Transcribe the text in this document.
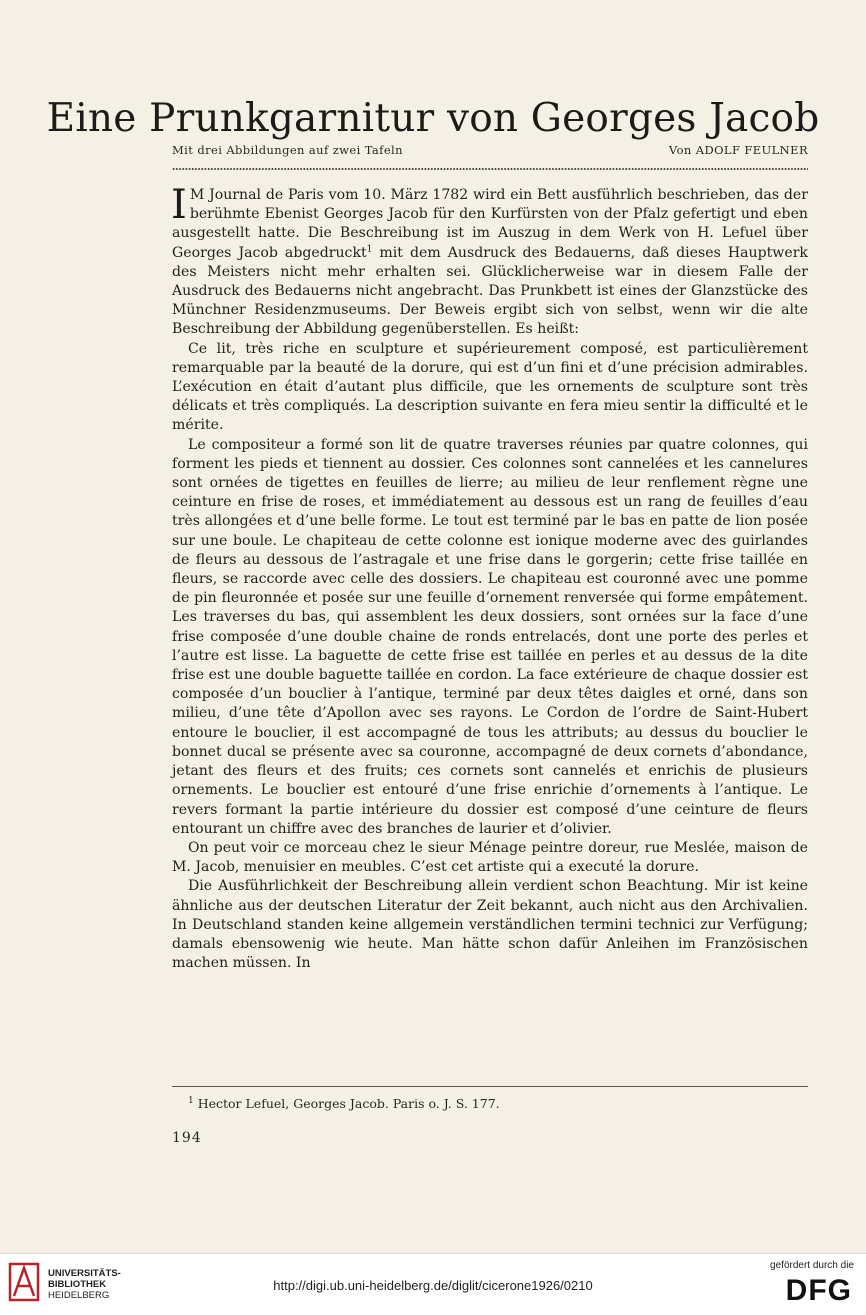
Eine Prunkgarnitur von Georges Jacob
Mit drei Abbildungen auf zwei Tafeln	Von ADOLF FEULNER

I M Journal de Paris vom 10. März 1782 wird ein Bett ausführlich beschrieben, das der berühmte Ebenist Georges Jacob für den Kurfürsten von der Pfalz gefertigt und eben ausgestellt hatte. Die Beschreibung ist im Auszug in dem Werk von H. Lefuel über Georges Jacob abgedruckt$^1$ mit dem Ausdruck des Bedauerns, daß dieses Hauptwerk des Meisters nicht mehr erhalten sei. Glücklicherweise war in diesem Falle der Ausdruck des Bedauerns nicht angebracht. Das Prunkbett ist eines der Glanzstücke des Münchner Residenzmuseums. Der Beweis ergibt sich von selbst, wenn wir die alte Beschreibung der Abbildung gegenüberstellen. Es heißt:

Ce lit, très riche en sculpture et supérieurement composé, est particulièrement remarquable par la beauté de la dorure, qui est d’un fini et d’une précision admirables. L’exécution en était d’autant plus difficile, que les ornements de sculpture sont très délicats et très compliqués. La description suivante en fera mieu sentir la difficulté et le mérite.

Le compositeur a formé son lit de quatre traverses réunies par quatre colonnes, qui forment les pieds et tiennent au dossier. Ces colonnes sont cannelées et les cannelures sont ornées de tigettes en feuilles de lierre; au milieu de leur renflement règne une ceinture en frise de roses, et immédiatement au dessous est un rang de feuilles d’eau très allongées et d’une belle forme. Le tout est terminé par le bas en patte de lion posée sur une boule. Le chapiteau de cette colonne est ionique moderne avec des guirlandes de fleurs au dessous de l’astragale et une frise dans le gorgerin; cette frise taillée en fleurs, se raccorde avec celle des dossiers. Le chapiteau est couronné avec une pomme de pin fleuronnée et posée sur une feuille d’ornement renversée qui forme empâtement. Les traverses du bas, qui assemblent les deux dossiers, sont ornées sur la face d’une frise composée d’une double chaine de ronds entrelacés, dont une porte des perles et l’autre est lisse. La baguette de cette frise est taillée en perles et au dessus de la dite frise est une double baguette taillée en cordon. La face extérieure de chaque dossier est composée d’un bouclier à l’antique, terminé par deux têtes daigles et orné, dans son milieu, d’une tête d’Apollon avec ses rayons. Le Cordon de l’ordre de Saint-Hubert entoure le bouclier, il est accompagné de tous les attributs; au dessus du bouclier le bonnet ducal se présente avec sa couronne, accompagné de deux cornets d’abondance, jetant des fleurs et des fruits; ces cornets sont cannelés et enrichis de plusieurs ornements. Le bouclier est entouré d’une frise enrichie d’ornements à l’antique. Le revers formant la partie intérieure du dossier est composé d’une ceinture de fleurs entourant un chiffre avec des branches de laurier et d’olivier.

On peut voir ce morceau chez le sieur Ménage peintre doreur, rue Meslée, maison de M. Jacob, menuisier en meubles. C’est cet artiste qui a executé la dorure.

Die Ausführlichkeit der Beschreibung allein verdient schon Beachtung. Mir ist keine ähnliche aus der deutschen Literatur der Zeit bekannt, auch nicht aus den Archivalien. In Deutschland standen keine allgemein verständlichen termini technici zur Verfügung; damals ebensowenig wie heute. Man hätte schon dafür Anleihen im Französischen machen müssen. In

$^1$ Hector Lefuel, Georges Jacob. Paris o. J. S. 177.
194
UNIVERSITÄTS-
BIBLIOTHEK
HEIDELBERG
http://digi.ub.uni-heidelberg.de/diglit/cicerone1926/0210
gefördert durch die
DFG
